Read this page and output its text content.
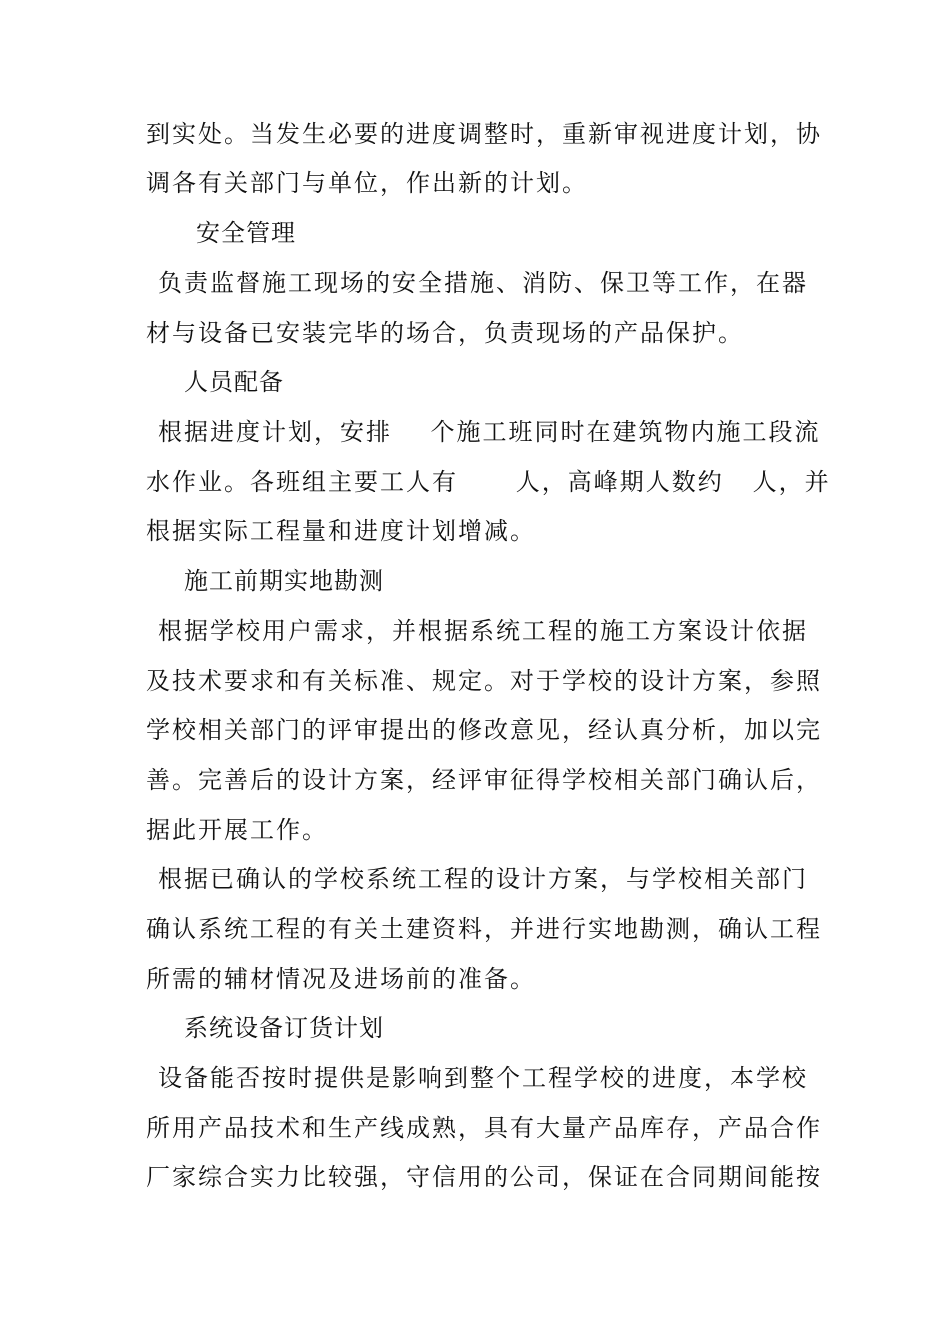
到实处。当发生必要的进度调整时，重新审视进度计划，协
调各有关部门与单位，作出新的计划。
安全管理
负责监督施工现场的安全措施、消防、保卫等工作，在器
材与设备已安装完毕的场合，负责现场的产品保护。
人员配备
根据进度计划，安排    个施工班同时在建筑物内施工段流
水作业。各班组主要工人有      人，高峰期人数约   人，并
根据实际工程量和进度计划增减。
施工前期实地勘测
根据学校用户需求，并根据系统工程的施工方案设计依据
及技术要求和有关标准、规定。对于学校的设计方案，参照
学校相关部门的评审提出的修改意见，经认真分析，加以完
善。完善后的设计方案，经评审征得学校相关部门确认后，
据此开展工作。
根据已确认的学校系统工程的设计方案，与学校相关部门
确认系统工程的有关土建资料，并进行实地勘测，确认工程
所需的辅材情况及进场前的准备。
系统设备订货计划
设备能否按时提供是影响到整个工程学校的进度，本学校
所用产品技术和生产线成熟，具有大量产品库存，产品合作
厂家综合实力比较强，守信用的公司，保证在合同期间能按
